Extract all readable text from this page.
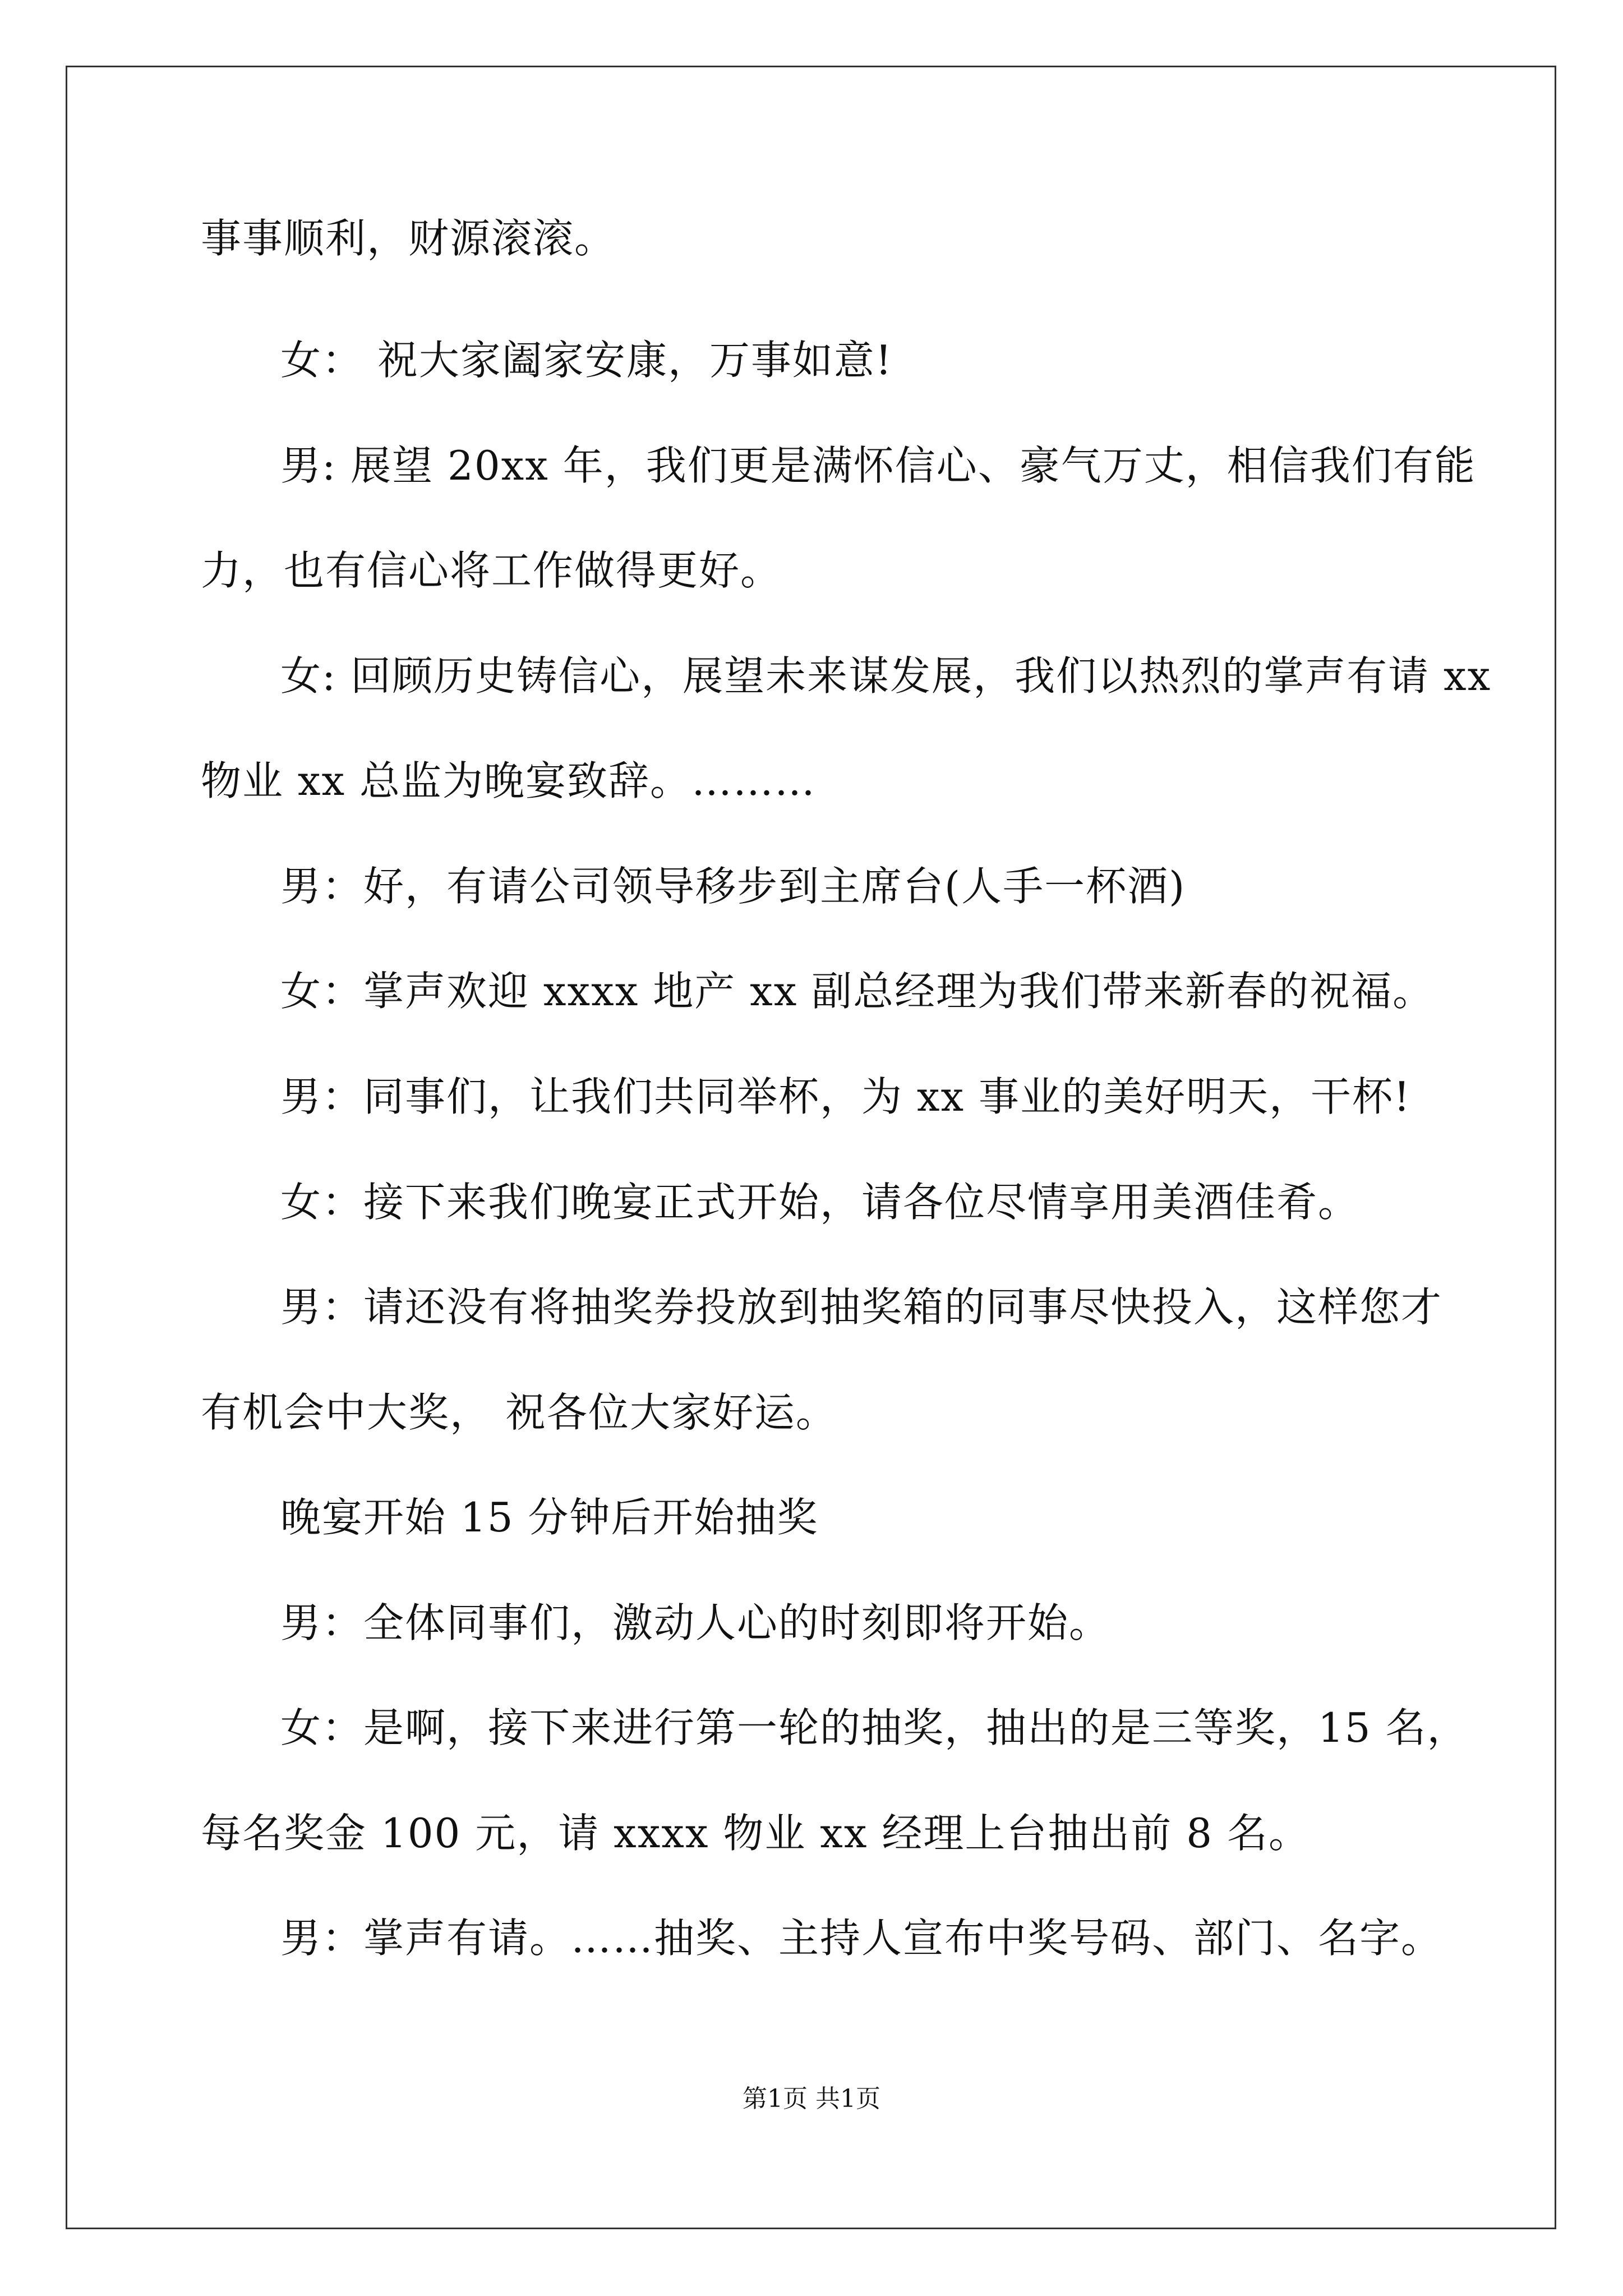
事事顺利，财源滚滚。
女： 祝大家阖家安康，万事如意!
男: 展望 20xx 年，我们更是满怀信心、豪气万丈，相信我们有能
力，也有信心将工作做得更好。
女: 回顾历史铸信心，展望未来谋发展，我们以热烈的掌声有请 xx
物业 xx 总监为晚宴致辞。………
男：好，有请公司领导移步到主席台(人手一杯酒)
女：掌声欢迎 xxxx 地产 xx 副总经理为我们带来新春的祝福。
男：同事们，让我们共同举杯，为 xx 事业的美好明天，干杯!
女：接下来我们晚宴正式开始，请各位尽情享用美酒佳肴。
男：请还没有将抽奖券投放到抽奖箱的同事尽快投入，这样您才
有机会中大奖， 祝各位大家好运。
晚宴开始 15 分钟后开始抽奖
男：全体同事们，激动人心的时刻即将开始。
女：是啊，接下来进行第一轮的抽奖，抽出的是三等奖，15 名，
每名奖金 100 元，请 xxxx 物业 xx 经理上台抽出前 8 名。
男：掌声有请。……抽奖、主持人宣布中奖号码、部门、名字。
第1页 共1页
